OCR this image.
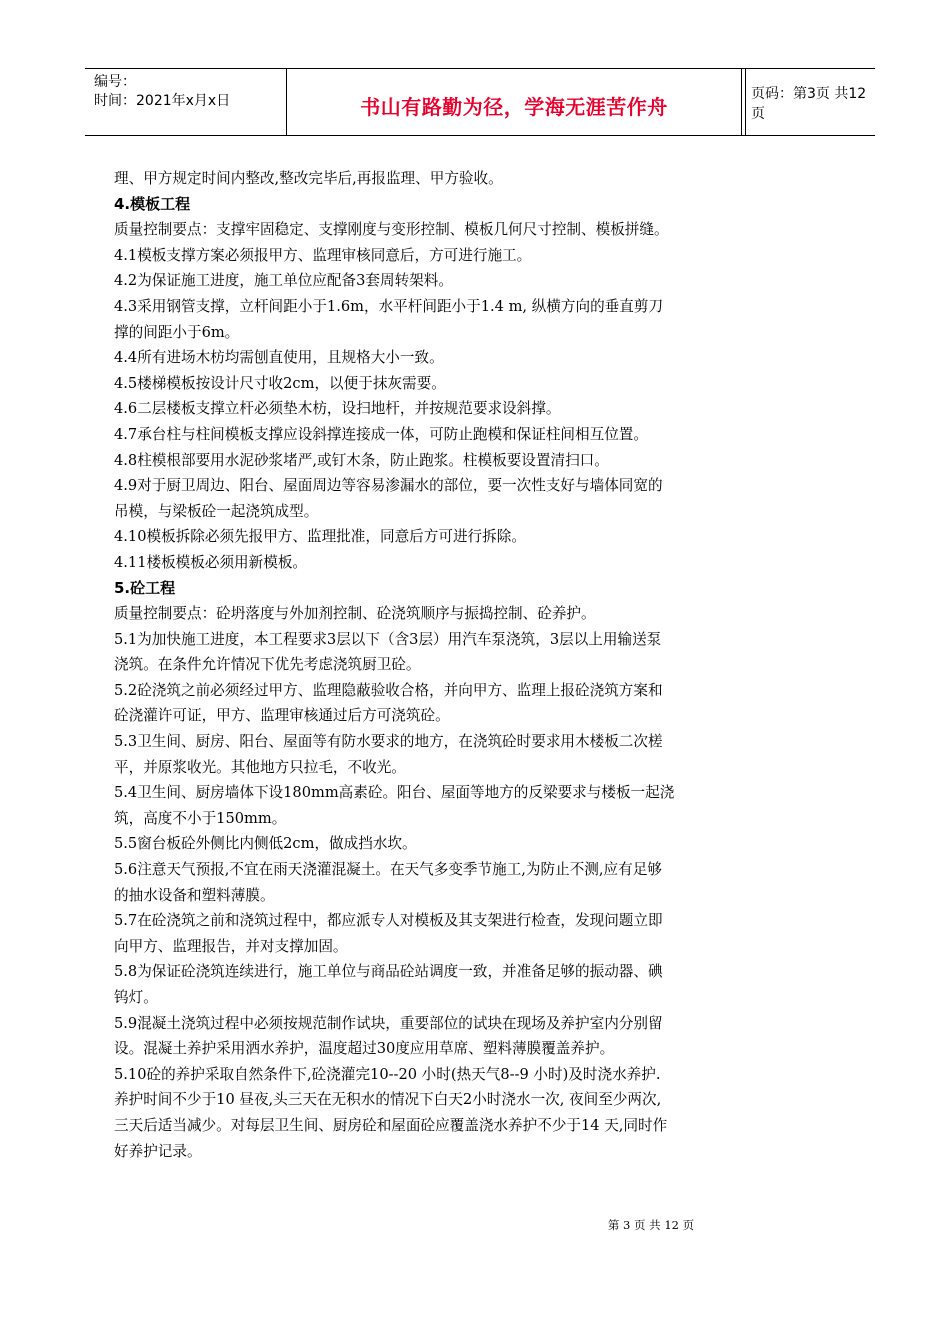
编号：
时间：2021年x月x日	书山有路勤为径，学海无涯苦作舟
页码：第3页 共12页
理、甲方规定时间内整改,整改完毕后,再报监理、甲方验收。
4.模板工程
质量控制要点：支撑牢固稳定、支撑刚度与变形控制、模板几何尺寸控制、模板拼缝。
4.1模板支撑方案必须报甲方、监理审核同意后，方可进行施工。
4.2为保证施工进度，施工单位应配备3套周转架料。
4.3采用钢管支撑，立杆间距小于1.6m，水平杆间距小于1.4 m, 纵横方向的垂直剪刀
撑的间距小于6m。
4.4所有进场木枋均需刨直使用，且规格大小一致。
4.5楼梯模板按设计尺寸收2cm，以便于抹灰需要。
4.6二层楼板支撑立杆必须垫木枋，设扫地杆，并按规范要求设斜撑。
4.7承台柱与柱间模板支撑应设斜撑连接成一体，可防止跑模和保证柱间相互位置。
4.8柱模根部要用水泥砂浆堵严,或钉木条，防止跑浆。柱模板要设置清扫口。
4.9对于厨卫周边、阳台、屋面周边等容易渗漏水的部位，要一次性支好与墙体同宽的
吊模，与梁板砼一起浇筑成型。
4.10模板拆除必须先报甲方、监理批准，同意后方可进行拆除。
4.11楼板模板必须用新模板。
5.砼工程
质量控制要点：砼坍落度与外加剂控制、砼浇筑顺序与振捣控制、砼养护。
5.1为加快施工进度，本工程要求3层以下（含3层）用汽车泵浇筑，3层以上用输送泵
浇筑。在条件允许情况下优先考虑浇筑厨卫砼。
5.2砼浇筑之前必须经过甲方、监理隐蔽验收合格，并向甲方、监理上报砼浇筑方案和
砼浇灌许可证，甲方、监理审核通过后方可浇筑砼。
5.3卫生间、厨房、阳台、屋面等有防水要求的地方，在浇筑砼时要求用木楼板二次槎
平，并原浆收光。其他地方只拉毛，不收光。
5.4卫生间、厨房墙体下设180mm高素砼。阳台、屋面等地方的反梁要求与楼板一起浇
筑，高度不小于150mm。
5.5窗台板砼外侧比内侧低2cm，做成挡水坎。
5.6注意天气预报,不宜在雨天浇灌混凝土。在天气多变季节施工,为防止不测,应有足够
的抽水设备和塑料薄膜。
5.7在砼浇筑之前和浇筑过程中，都应派专人对模板及其支架进行检查，发现问题立即
向甲方、监理报告，并对支撑加固。
5.8为保证砼浇筑连续进行，施工单位与商品砼站调度一致，并准备足够的振动器、碘
钨灯。
5.9混凝土浇筑过程中必须按规范制作试块，重要部位的试块在现场及养护室内分别留
设。混凝土养护采用洒水养护，温度超过30度应用草席、塑料薄膜覆盖养护。
5.10砼的养护采取自然条件下,砼浇灌完10--20 小时(热天气8--9 小时)及时浇水养护.
养护时间不少于10 昼夜,头三天在无积水的情况下白天2小时浇水一次, 夜间至少两次,
三天后适当减少。对每层卫生间、厨房砼和屋面砼应覆盖浇水养护不少于14 天,同时作
好养护记录。
第 3 页 共 12 页
